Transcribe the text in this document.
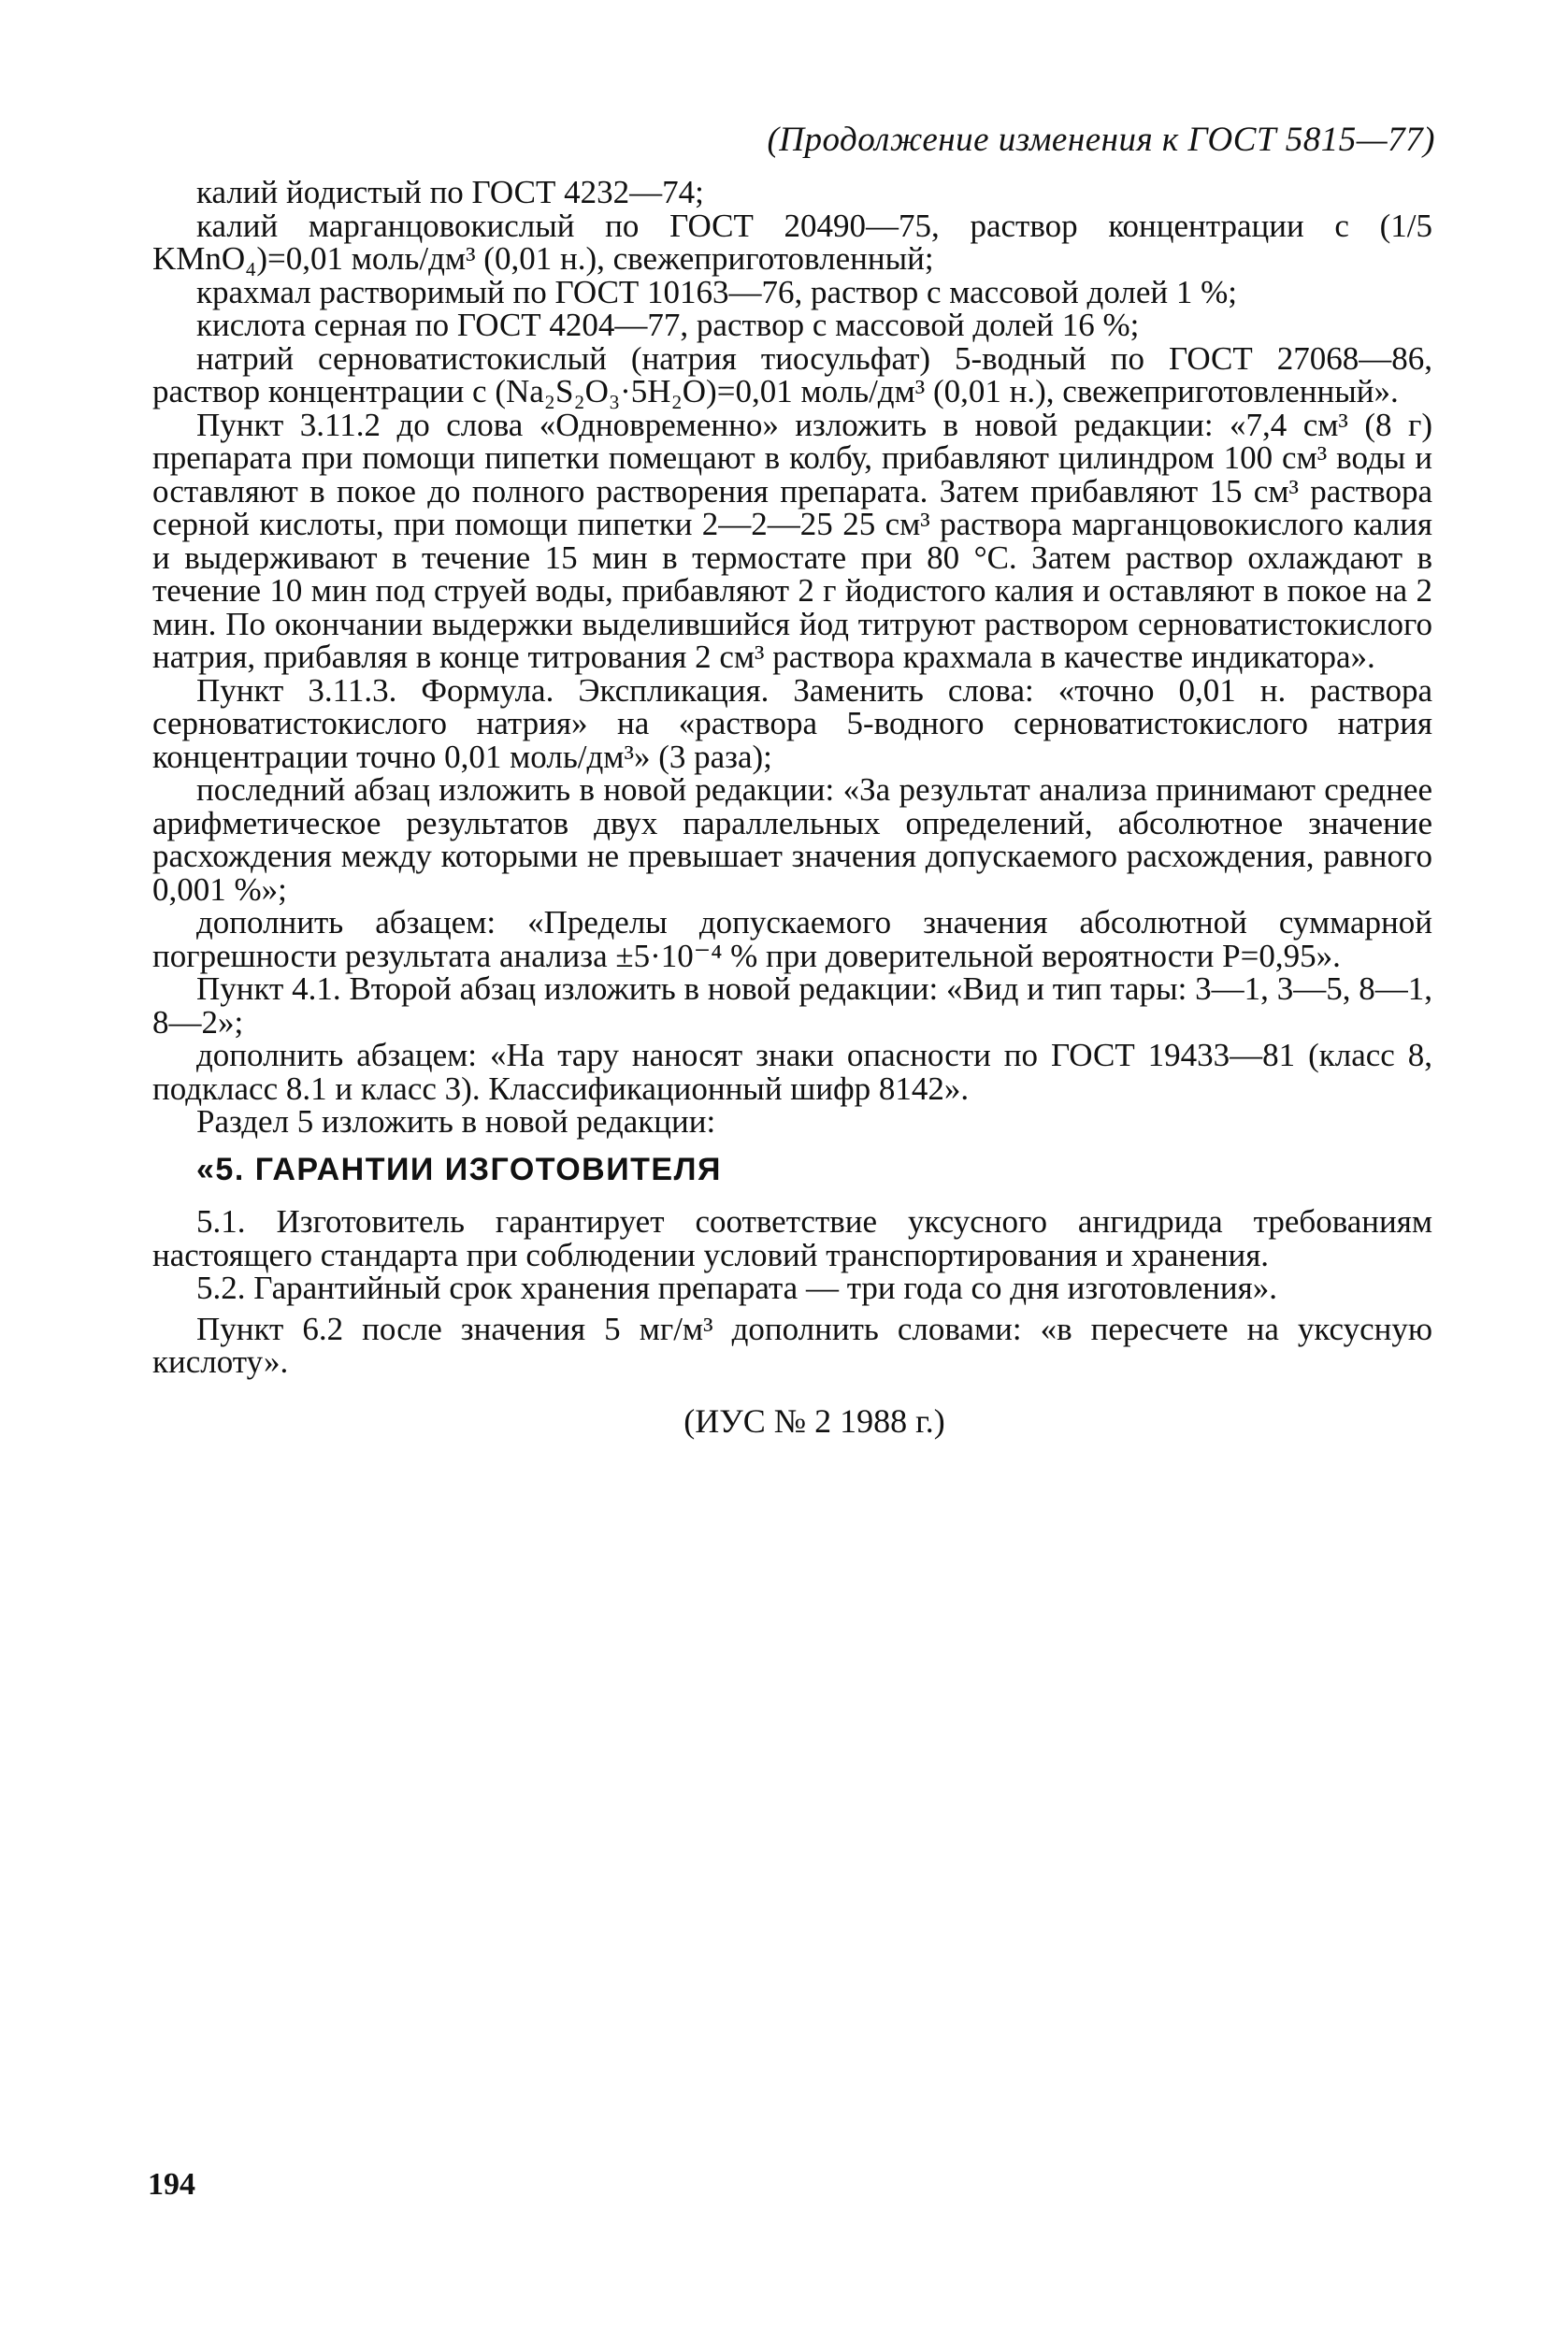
(Продолжение изменения к ГОСТ 5815—77)

калий йодистый по ГОСТ 4232—74;

калий марганцовокислый по ГОСТ 20490—75, раствор концентрации c (1/5 KMnO₄)=0,01 моль/дм³ (0,01 н.), свежеприготовленный;

крахмал растворимый по ГОСТ 10163—76, раствор с массовой долей 1 %;

кислота серная по ГОСТ 4204—77, раствор с массовой долей 16 %;

натрий серноватистокислый (натрия тиосульфат) 5-водный по ГОСТ 27068—86, раствор концентрации c (Na₂S₂O₃·5H₂O)=0,01 моль/дм³ (0,01 н.), свежеприготовленный».

Пункт 3.11.2 до слова «Одновременно» изложить в новой редакции: «7,4 см³ (8 г) препарата при помощи пипетки помещают в колбу, прибавляют цилиндром 100 см³ воды и оставляют в покое до полного растворения препарата. Затем прибавляют 15 см³ раствора серной кислоты, при помощи пипетки 2—2—25 25 см³ раствора марганцовокислого калия и выдерживают в течение 15 мин в термостате при 80 °С. Затем раствор охлаждают в течение 10 мин под струей воды, прибавляют 2 г йодистого калия и оставляют в покое на 2 мин. По окончании выдержки выделившийся йод титруют раствором серноватистокислого натрия, прибавляя в конце титрования 2 см³ раствора крахмала в качестве индикатора».

Пункт 3.11.3. Формула. Экспликация. Заменить слова: «точно 0,01 н. раствора серноватистокислого натрия» на «раствора 5-водного серноватистокислого натрия концентрации точно 0,01 моль/дм³» (3 раза);

последний абзац изложить в новой редакции: «За результат анализа принимают среднее арифметическое результатов двух параллельных определений, абсолютное значение расхождения между которыми не превышает значения допускаемого расхождения, равного 0,001 %»;

дополнить абзацем: «Пределы допускаемого значения абсолютной суммарной погрешности результата анализа ±5·10⁻⁴ % при доверительной вероятности P=0,95».

Пункт 4.1. Второй абзац изложить в новой редакции: «Вид и тип тары: 3—1, 3—5, 8—1, 8—2»;

дополнить абзацем: «На тару наносят знаки опасности по ГОСТ 19433—81 (класс 8, подкласс 8.1 и класс 3). Классификационный шифр 8142».

Раздел 5 изложить в новой редакции:

«5. ГАРАНТИИ ИЗГОТОВИТЕЛЯ

5.1. Изготовитель гарантирует соответствие уксусного ангидрида требованиям настоящего стандарта при соблюдении условий транспортирования и хранения.

5.2. Гарантийный срок хранения препарата — три года со дня изготовления».

Пункт 6.2 после значения 5 мг/м³ дополнить словами: «в пересчете на уксусную кислоту».

(ИУС № 2 1988 г.)
194
